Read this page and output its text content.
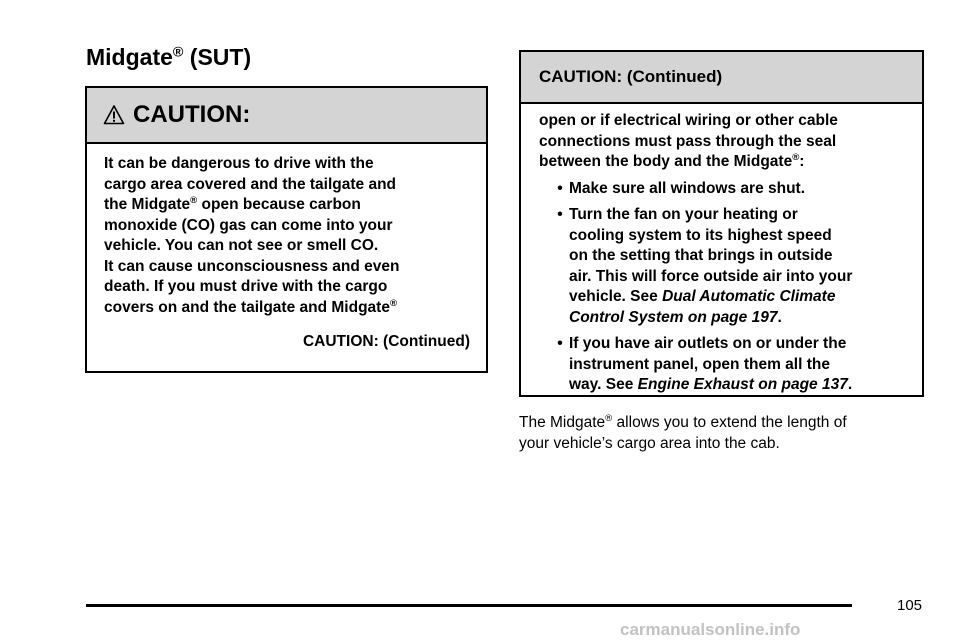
Midgate® (SUT)
CAUTION:

It can be dangerous to drive with the

cargo area covered and the tailgate and

the Midgate® open because carbon

monoxide (CO) gas can come into your

vehicle. You can not see or smell CO.

It can cause unconsciousness and even

death. If you must drive with the cargo

covers on and the tailgate and Midgate®

CAUTION: (Continued)

CAUTION: (Continued)

open or if electrical wiring or other cable

connections must pass through the seal

between the body and the Midgate®:

• Make sure all windows are shut.
• Turn the fan on your heating or
cooling system to its highest speed
on the setting that brings in outside
air. This will force outside air into your
vehicle. See Dual Automatic Climate
Control System on page 197.
• If you have air outlets on or under the
instrument panel, open them all the
way. See Engine Exhaust on page 137.

The Midgate® allows you to extend the length of

your vehicle’s cargo area into the cab.

105
carmanualsonline.info
